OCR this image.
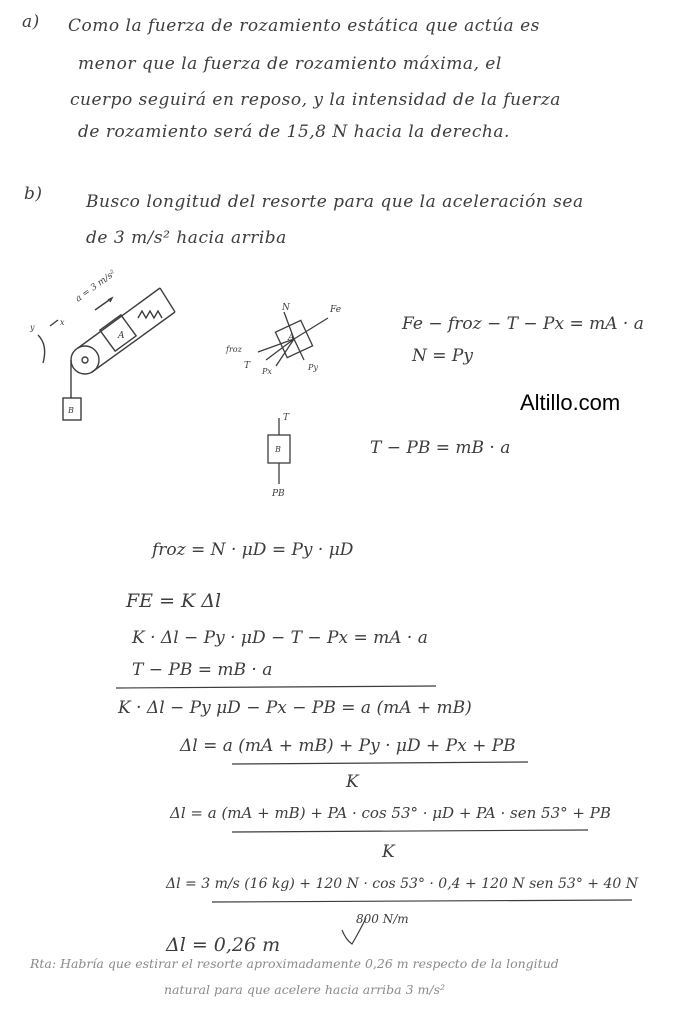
A
B
a = 3 m/s²
x
y
A
N	Fe
froz
T
Px	Py
T
B
PB
a) Como la fuerza de rozamiento estática que actúa es
menor que la fuerza de rozamiento máxima, el
cuerpo seguirá en reposo, y la intensidad de la fuerza
de rozamiento será de 15,8 N hacia la derecha.
b)	Busco longitud del resorte para que la aceleración sea
de 3 m/s² hacia arriba
Fe − froz − T − Px = mA · a
N = Py
T − PB = mB · a
Altillo.com
froz = N · μD = Py · μD
FE = K Δl
K · Δl − Py · μD − T − Px = mA · a
T − PB = mB · a
K · Δl − Py μD − Px − PB = a (mA + mB)
Δl = a (mA + mB) + Py · μD + Px + PB
K
Δl = a (mA + mB) + PA · cos 53° · μD + PA · sen 53° + PB
K
Δl = 3 m/s (16 kg) + 120 N · cos 53° · 0,4 + 120 N sen 53° + 40 N
800 N/m
Δl = 0,26 m
Rta: Habría que estirar el resorte aproximadamente 0,26 m respecto de la longitud
natural para que acelere hacia arriba 3 m/s²
